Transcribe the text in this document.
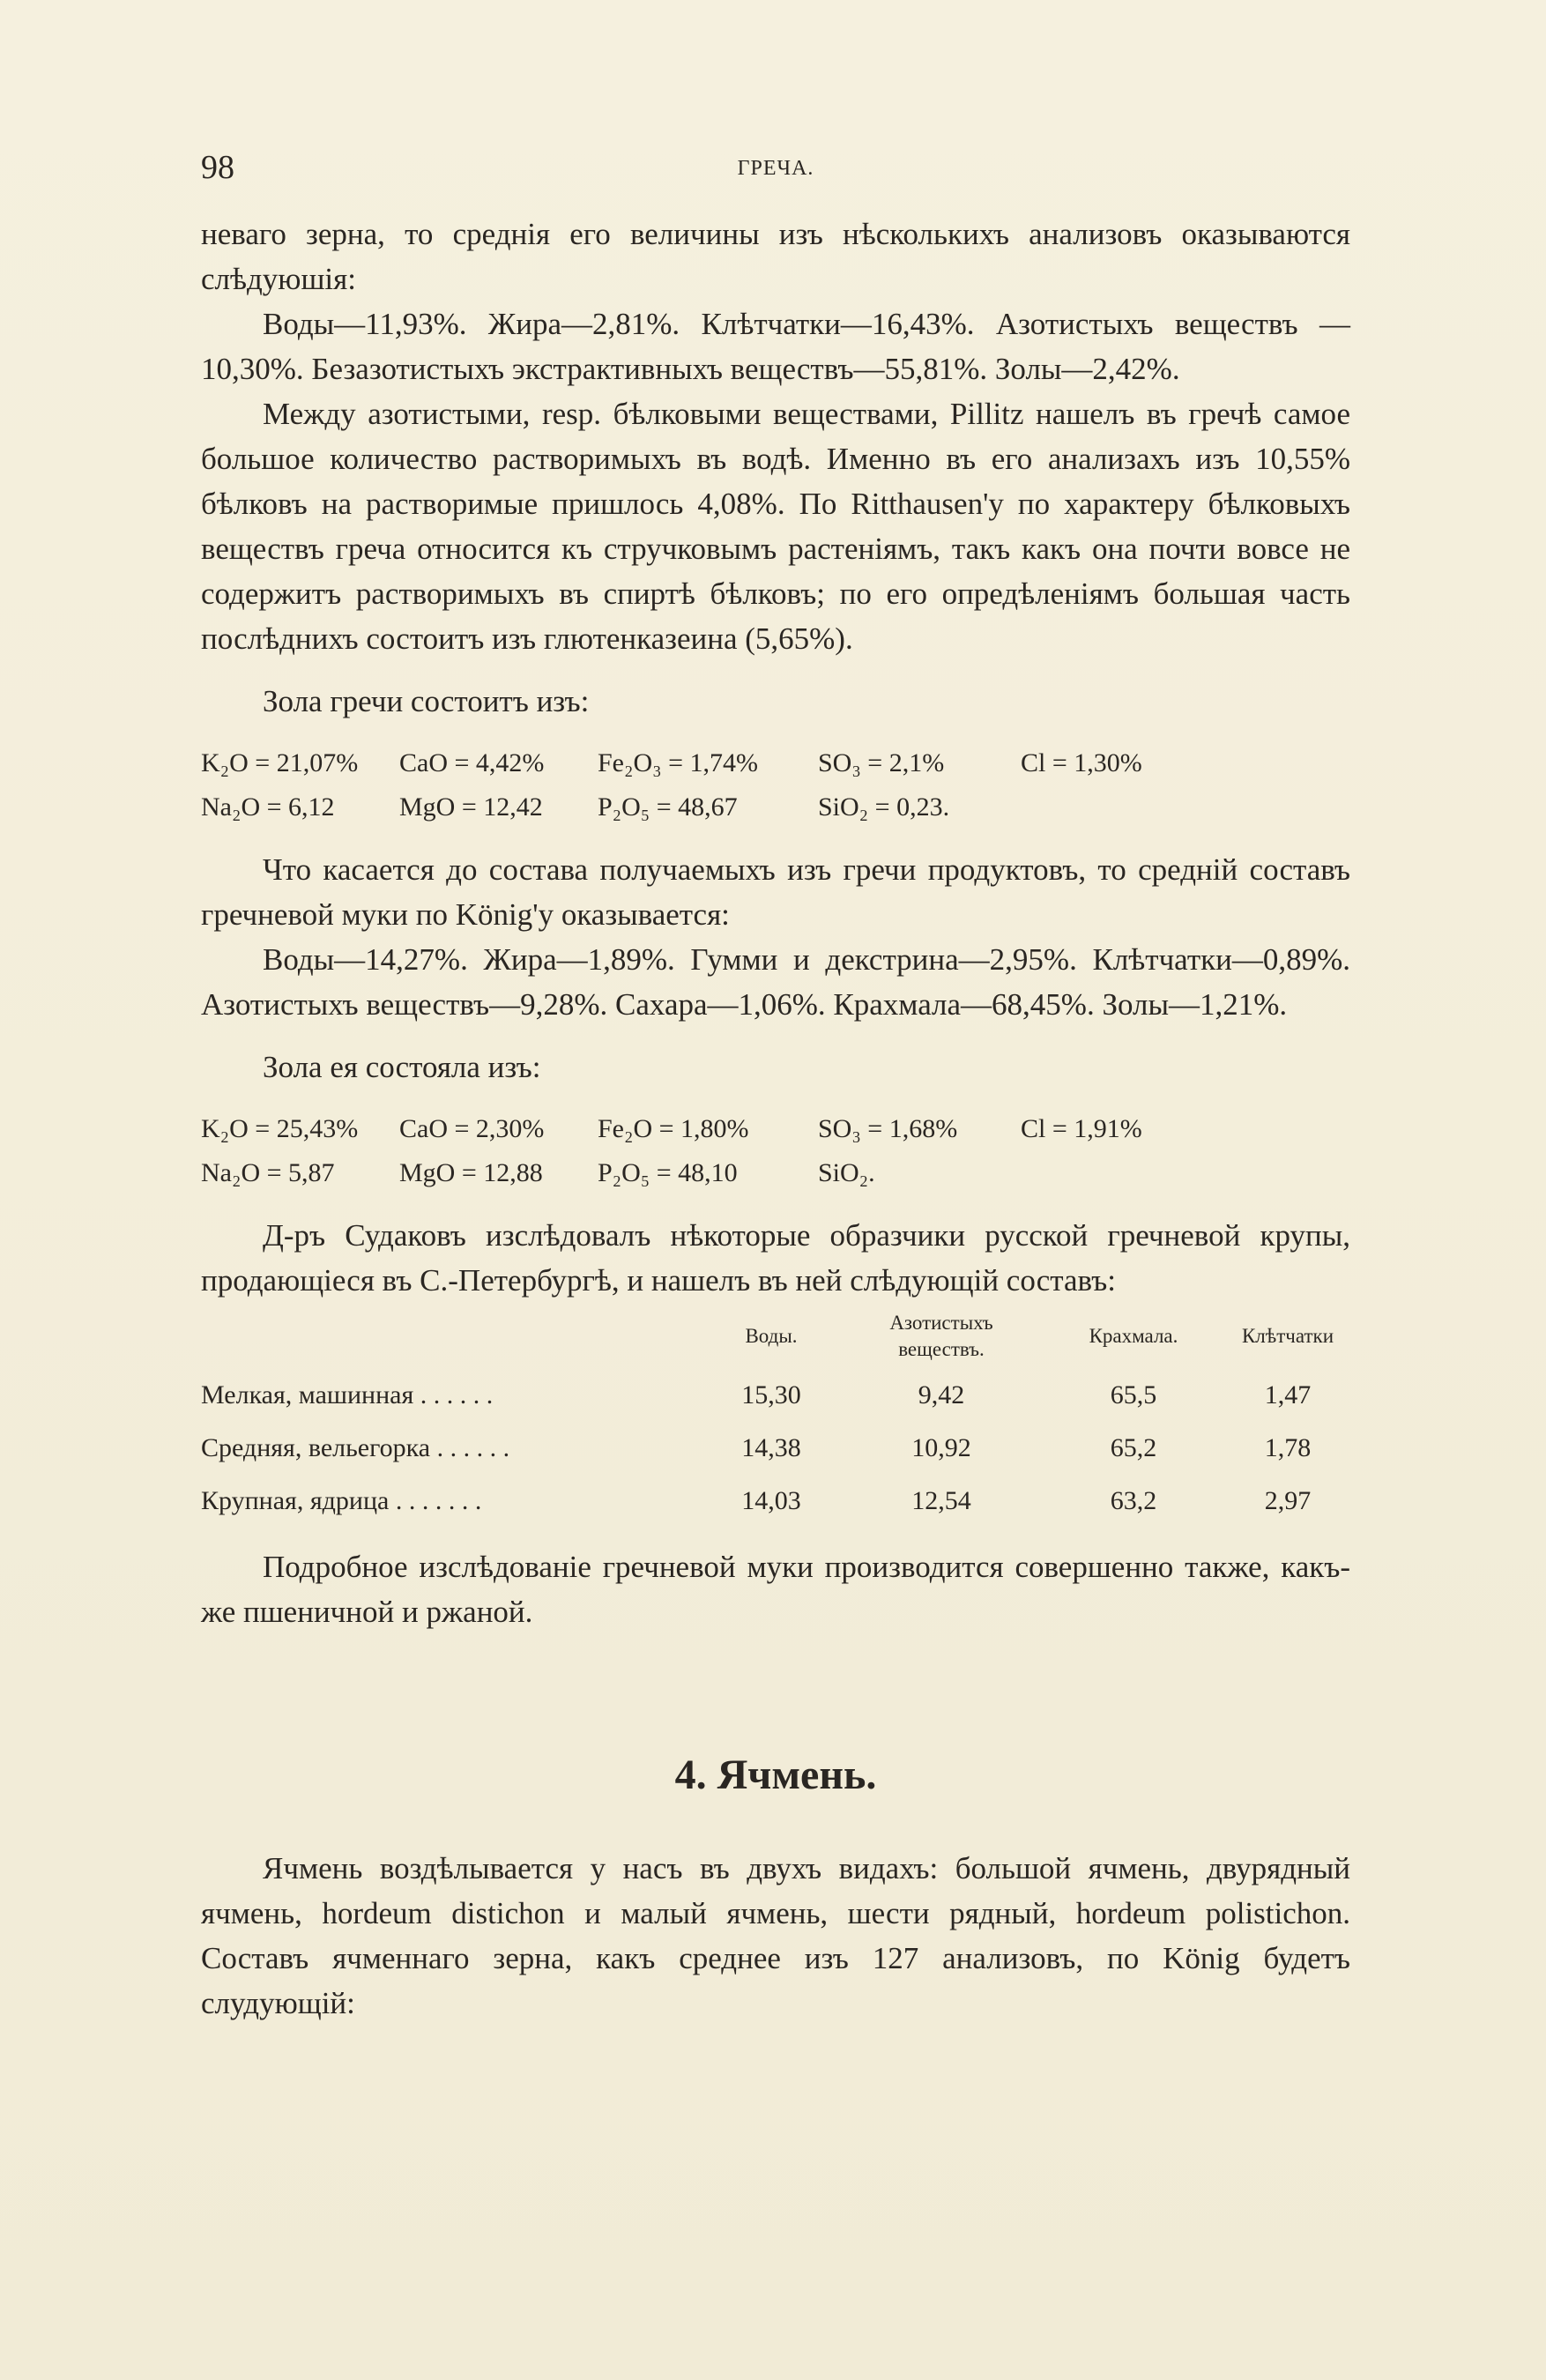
98	ГРЕЧА.

неваго зерна, то среднія его величины изъ нѣсколькихъ анализовъ оказываются слѣдуюшія:

Воды—11,93%. Жира—2,81%. Клѣтчатки—16,43%. Азотистыхъ веществъ — 10,30%. Безазотистыхъ экстрактивныхъ веществъ—55,81%. Золы—2,42%.

Между азотистыми, resp. бѣлковыми веществами, Pillitz нашелъ въ гречѣ самое большое количество растворимыхъ въ водѣ. Именно въ его анализахъ изъ 10,55% бѣлковъ на растворимые пришлось 4,08%. По Ritthausen'у по характеру бѣлковыхъ веществъ греча относится къ стручковымъ растеніямъ, такъ какъ она почти вовсе не содержитъ растворимыхъ въ спиртѣ бѣлковъ; по его опредѣленіямъ большая часть послѣднихъ состоитъ изъ глютенказеина (5,65%).

Зола гречи состоитъ изъ:

K₂O = 21,07%	CaO = 4,42%	Fe₂O₃ = 1,74%	SO₃ = 2,1%	Cl = 1,30%
Na₂O = 6,12	MgO = 12,42	P₂O₅ = 48,67	SiO₂ = 0,23.

Что касается до состава получаемыхъ изъ гречи продуктовъ, то среднiй составъ гречневой муки по König'у оказывается:

Воды—14,27%. Жира—1,89%. Гумми и декстрина—2,95%. Клѣтчатки—0,89%. Азотистыхъ веществъ—9,28%. Сахара—1,06%. Крахмала—68,45%. Золы—1,21%.

Зола ея состояла изъ:

K₂O = 25,43%	CaO = 2,30%	Fe₂O = 1,80%	SO₃ = 1,68%	Cl = 1,91%
Na₂O = 5,87	MgO = 12,88	P₂O₅ = 48,10	SiO₂.

Д-ръ Судаковъ изслѣдовалъ нѣкоторые образчики русской гречневой крупы, продающiеся въ С.-Петербургѣ, и нашелъ въ ней слѣдующiй составъ:

	Воды.	Азотистыхъ веществъ.	Крахмала.	Клѣтчатки
Мелкая, машинная . . . . . .	15,30	9,42	65,5	1,47
Средняя, вельегорка . . . . . .	14,38	10,92	65,2	1,78
Крупная, ядрица . . . . . . .	14,03	12,54	63,2	2,97

Подробное изслѣдованiе гречневой муки производится совершенно также, какъ-же пшеничной и ржаной.

4. Ячмень.

Ячмень воздѣлывается у насъ въ двухъ видахъ: большой ячмень, двурядный ячмень, hordeum distichon и малый ячмень, шести рядный, hordeum polistichon. Составъ ячменнаго зерна, какъ среднее изъ 127 анализовъ, по König будетъ слудующiй:
